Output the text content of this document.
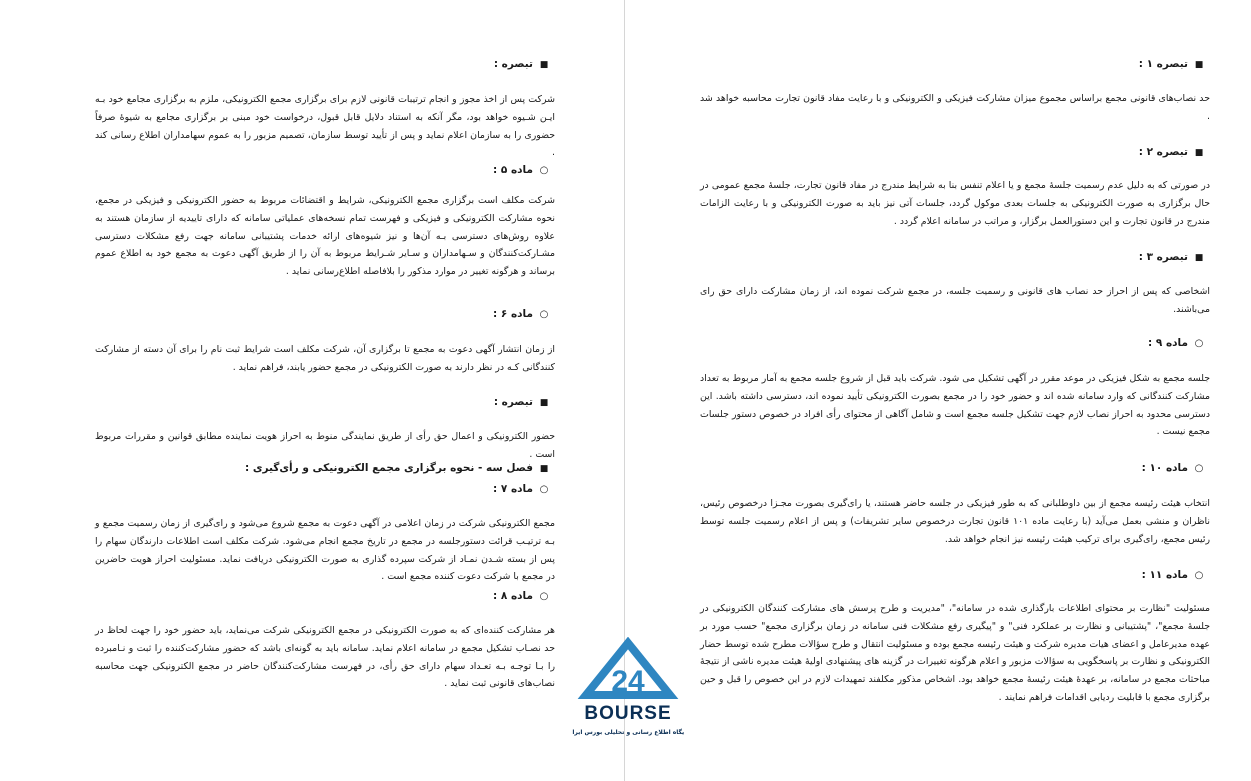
■تبصره ۱ :
حد نصاب‌های قانونی مجمع براساس مجموع میزان مشارکت فیزیکی و الکترونیکی و با رعایت مفاد قانون تجارت محاسبه خواهد شد .
■تبصره ۲ :
در صورتی که به دلیل عدم رسمیت جلسهٔ مجمع و یا اعلام تنفس بنا به شرایط مندرج در مفاد قانون تجارت، جلسهٔ مجمع عمومی در حال برگزاری به صورت الکترونیکی به جلسات بعدی موکول گردد، جلسات آتی نیز باید به صورت الکترونیکی و با رعایت الزامات مندرج در قانون تجارت و این دستورالعمل برگزار، و مراتب در سامانه اعلام گردد .
■تبصره ۳ :
اشخاصی که پس از احراز حد نصاب های قانونی و رسمیت جلسه، در مجمع شرکت نموده اند، از زمان مشارکت دارای حق رای می‌باشند.
○ماده ۹ :
جلسه مجمع به شکل فیزیکی در موعد مقرر در آگهی تشکیل می شود. شرکت باید قبل از شروع جلسه مجمع به آمار مربوط به تعداد مشارکت کنندگانی که وارد سامانه شده اند و حضور خود را در مجمع بصورت الکترونیکی تأیید نموده اند، دسترسی داشته باشد. این دسترسی محدود به احراز نصاب لازم جهت تشکیل جلسه مجمع است و شامل آگاهی از محتوای رأی افراد در خصوص دستور جلسات مجمع نیست .
○ماده ۱۰ :
انتخاب هیئت رئیسه مجمع از بین داوطلبانی که به طور فیزیکی در جلسه حاضر هستند، یا رای‌گیری بصورت مجـزا درخصوص رئیس، ناظران و منشی بعمل می‌آید (با رعایت ماده ۱۰۱ قانون تجارت درخصوص سایر تشریفات) و پس از اعلام رسمیت جلسه توسط رئیس مجمع، رای‌گیری برای ترکیب هیئت رئیسه نیز انجام خواهد شد.
○ماده ۱۱ :
مسئولیت "نظارت بر محتوای اطلاعات بارگذاری شده در سامانه"، "مدیریت و طرح پرسش های مشارکت کنندگان الکترونیکی در جلسهٔ مجمع"، "پشتیبانی و نظارت بر عملکرد فنی" و "پیگیری رفع مشکلات فنی سامانه در زمان برگزاری مجمع" حسب مورد بر عهده مدیرعامل و اعضای هیات مدیره شرکت و هیئت رئیسه مجمع بوده و مسئولیت انتقال و طرح سؤالات مطرح شده توسط حضار الکترونیکی و نظارت بر پاسخگویی به سؤالات مزبور و اعلام هرگونه تغییرات در گزینه های پیشنهادی اولیهٔ هیئت مدیره ناشی از نتیجهٔ مباحثات مجمع در سامانه، بر عهدهٔ هیئت رئیسهٔ مجمع خواهد بود. اشخاص مذکور مکلفند تمهیدات لازم در این خصوص را قبل و حین برگزاری مجمع با قابلیت ردیابی اقدامات فراهم نمایند .
■تبصره :
شرکت پس از اخذ مجوز و انجام ترتیبات قانونی لازم برای برگزاری مجمع الکترونیکی، ملزم به برگزاری مجامع خود بـه ایـن شـیوه خواهد بود، مگر آنکه به استناد دلایل قابل قبول، درخواست خود مبنی بر برگزاری مجامع به شیوهٔ صرفاً حضوری را به سازمان اعلام نماید و پس از تأیید توسط سازمان، تصمیم مزبور را به عموم سهامداران اطلاع رسانی کند .
○ماده ۵ :
شرکت مکلف است برگزاری مجمع الکترونیکی، شرایط و اقتضائات مربوط به حضور الکترونیکی و فیزیکی در مجمع، نحوه مشارکت الکترونیکی و فیزیکی و فهرست تمام نسخه‌های عملیاتی سامانه که دارای تاییدیه از سازمان هستند به علاوه روش‌های دسترسی بـه آن‌ها و نیز شیوه‌های ارائه خدمات پشتیبانی سامانه جهت رفع مشکلات دسترسی مشـارکت‌کنندگان و سـهامداران و سـایر شـرایط مربوط به آن را از طریق آگهی دعوت به مجمع خود به اطلاع عموم برساند و هرگونه تغییر در موارد مذکور را بلافاصله اطلاع‌رسانی نماید .
○ماده ۶ :
از زمان انتشار آگهی دعوت به مجمع تا برگزاری آن، شرکت مکلف است شرایط ثبت نام را برای آن دسته از مشارکت کنندگانی کـه در نظر دارند به صورت الکترونیکی در مجمع حضور یابند، فراهم نماید .
■تبصره :
حضور الکترونیکی و اعمال حق رأی از طریق نمایندگی منوط به احراز هویت نماینده مطابق قوانین و مقررات مربوط است .
■فصل سه - نحوه برگزاری مجمع الکترونیکی و رأی‌گیری :
○ماده ۷ :
مجمع الکترونیکی شرکت در زمان اعلامی در آگهی دعوت به مجمع شروع می‌شود و رای‌گیری از زمان رسمیت مجمع و بـه ترتیـب قرائت دستورجلسه در مجمع در تاریخ مجمع انجام می‌شود. شرکت مکلف است اطلاعات دارندگان سهام را پس از بسته شـدن نمـاد از شرکت سپرده گذاری به صورت الکترونیکی دریافت نماید. مسئولیت احراز هویت حاضرین در مجمع با شرکت دعوت کننده مجمع است .
○ماده ۸ :
هر مشارکت کننده‌ای که به صورت الکترونیکی در مجمع الکترونیکی شرکت می‌نماید، باید حضور خود را جهت لحاظ در حد نصـاب تشکیل مجمع در سامانه اعلام نماید. سامانه باید به گونه‌ای باشد که حضور مشارکت‌کننده را ثبت و نـامبرده را بـا توجـه بـه تعـداد سهام دارای حق رأی، در فهرست مشارکت‌کنندگان حاضر در مجمع الکترونیکی جهت محاسبه نصاب‌های قانونی ثبت نماید . 24
BOURSE
پایگاه اطلاع رسانی و تحلیلی بورس ایران
